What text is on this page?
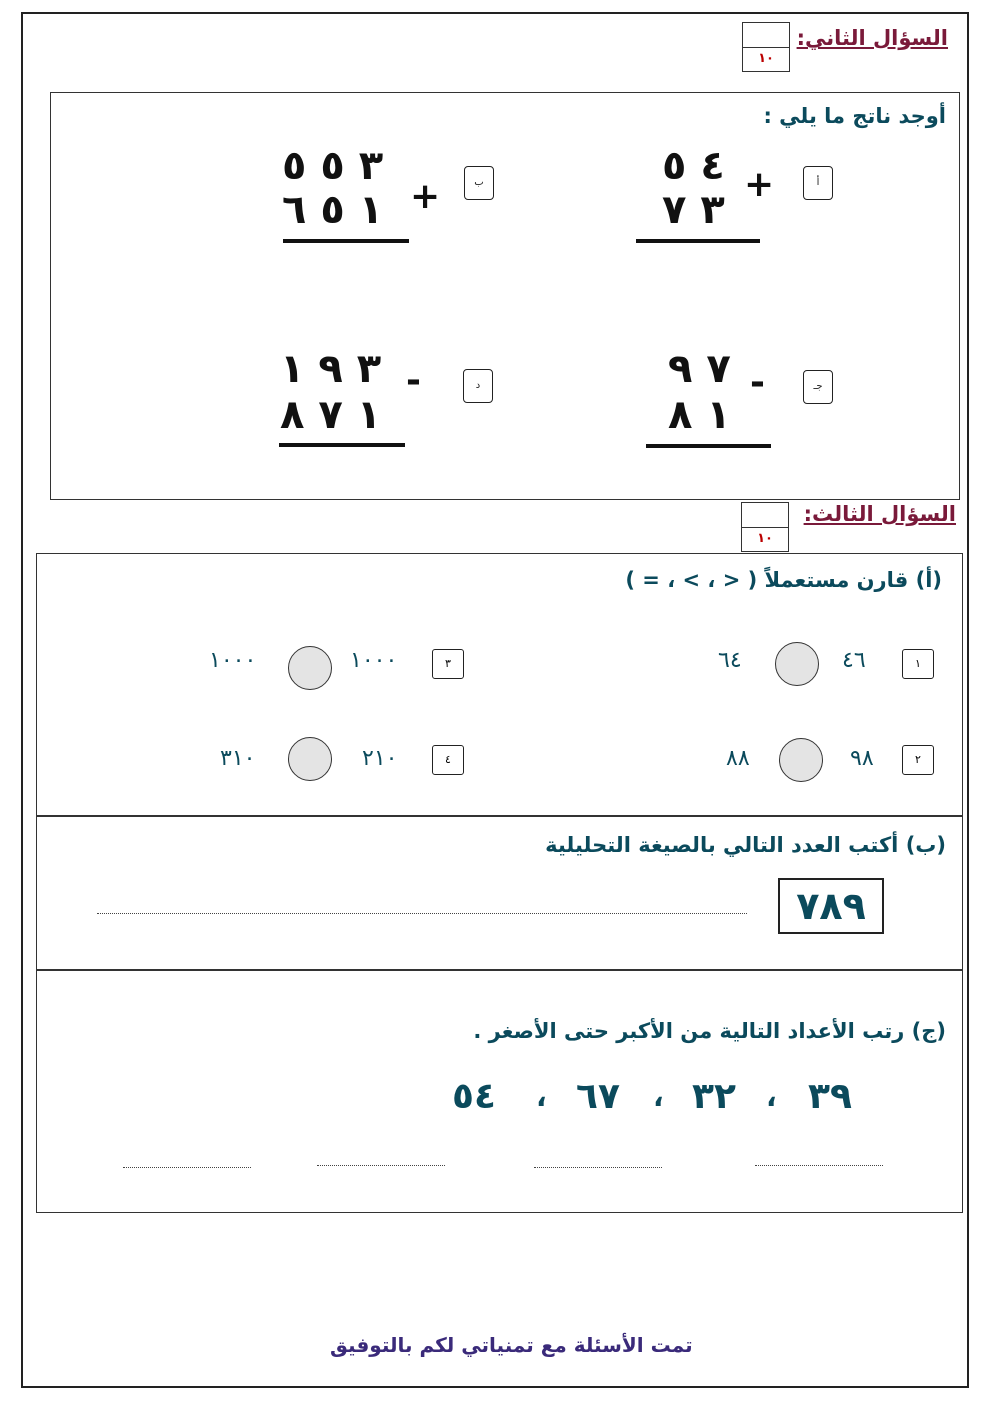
السؤال الثاني:
١٠
أوجد ناتج ما يلي :
أ
+
٤ ٥
٣ ٧
ب
+
٣ ٥ ٥
١ ٥ ٦
جـ
-
٧ ٩
١ ٨
د
-
٣ ٩ ١
١ ٧ ٨
السؤال الثالث:
١٠
(أ) قارن مستعملاً ( < ، > ، = )
١
٤٦
٦٤
٢
٩٨
٨٨
٣
١٠٠٠
١٠٠٠
٤
٢١٠
٣١٠
(ب) أكتب العدد التالي بالصيغة التحليلية
٧٨٩
(ج) رتب الأعداد التالية من الأكبر حتى الأصغر .
٣٩
،
٣٢
،
٦٧
،
٥٤
تمت الأسئلة مع تمنياتي لكم بالتوفيق
